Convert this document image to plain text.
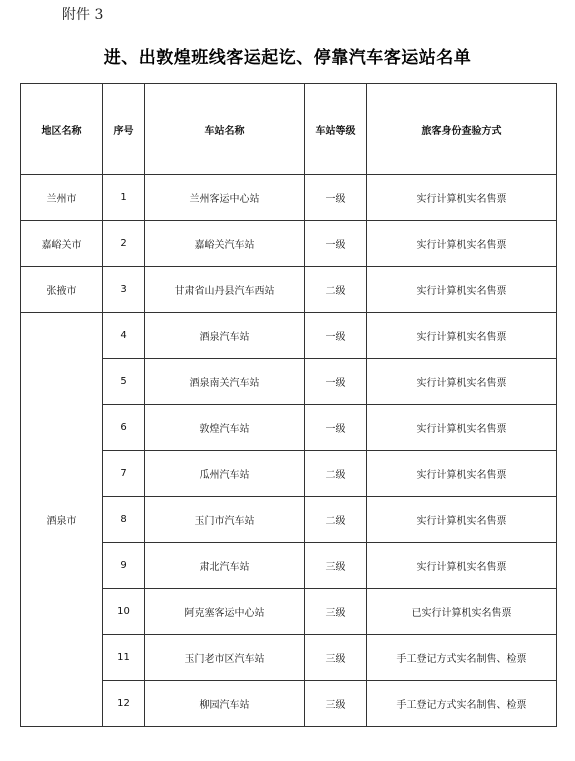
附件 3
进、出敦煌班线客运起讫、停靠汽车客运站名单
地区名称	序号	车站名称	车站等级	旅客身份查验方式
兰州市	1	兰州客运中心站	一级	实行计算机实名售票
嘉峪关市	2	嘉峪关汽车站	一级	实行计算机实名售票
张掖市	3	甘肃省山丹县汽车西站	二级	实行计算机实名售票
酒泉市	4	酒泉汽车站	一级	实行计算机实名售票
	5	酒泉南关汽车站	一级	实行计算机实名售票
	6	敦煌汽车站	一级	实行计算机实名售票
	7	瓜州汽车站	二级	实行计算机实名售票
	8	玉门市汽车站	二级	实行计算机实名售票
	9	肃北汽车站	三级	实行计算机实名售票
	10	阿克塞客运中心站	三级	已实行计算机实名售票
	11	玉门老市区汽车站	三级	手工登记方式实名制售、检票
	12	柳园汽车站	三级	手工登记方式实名制售、检票
